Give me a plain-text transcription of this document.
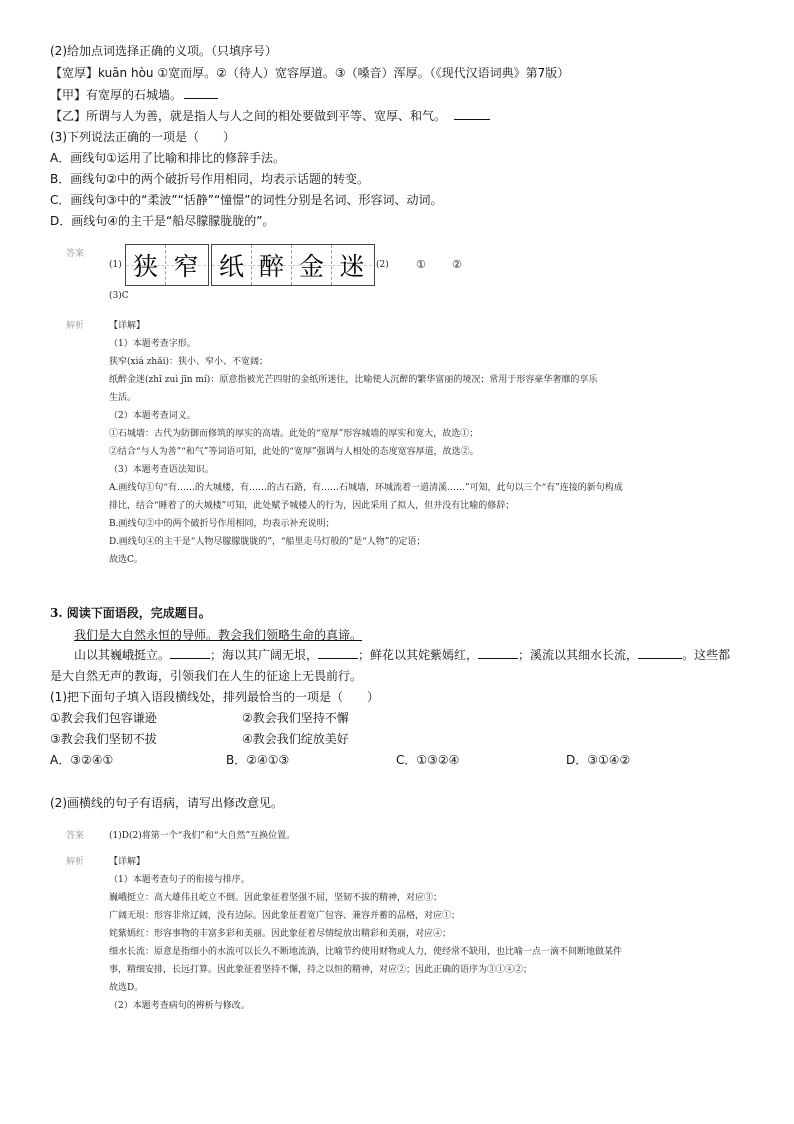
(2)给加点词选择正确的义项。（只填序号）
【宽厚】kuān hòu ①宽而厚。②（待人）宽容厚道。③（嗓音）浑厚。（《现代汉语词典》第7版）
【甲】有宽厚的石城墙。
【乙】所谓与人为善，就是指人与人之间的相处要做到平等、宽厚、和气。
(3)下列说法正确的一项是（　　）
A．画线句①运用了比喻和排比的修辞手法。
B．画线句②中的两个破折号作用相同，均表示话题的转变。
C．画线句③中的“柔波”“恬静”“憧憬”的词性分别是名词、形容词、动词。
D．画线句④的主干是“船尽朦朦胧胧的”。
答案
(1) 狭 窄 纸 醉 金 迷 (2) ① ②
(3)C
解析	【详解】
（1）本题考查字形。
狭窄(xiá zhǎi)：狭小、窄小、不宽阔；
纸醉金迷(zhǐ zuì jīn mí)：原意指被光芒四射的金纸所迷住，比喻使人沉醉的繁华富丽的境况；常用于形容豪华奢靡的享乐
生活。
（2）本题考查词义。
①石城墙：古代为防御而修筑的厚实的高墙。此处的“宽厚”形容城墙的厚实和宽大，故选①；
②结合“与人为善”“和气”等词语可知，此处的“宽厚”强调与人相处的态度宽容厚道，故选②。
（3）本题考查语法知识。
A.画线句①句“有……的大城楼，有……的古石路，有……石城墙，环城流着一道清溪……”可知，此句以三个“有”连接的新句构成
排比，结合“睡着了的大城楼”可知，此处赋予城楼人的行为，因此采用了拟人，但并没有比喻的修辞；
B.画线句②中的两个破折号作用相同，均表示补充说明；
D.画线句④的主干是“人物尽朦朦胧胧的”，“船里走马灯般的”是“人物”的定语；
故选C。
3. 阅读下面语段，完成题目。
我们是大自然永恒的导师。教会我们领略生命的真谛。
山以其巍峨挺立。	；海以其广阔无垠，	；鲜花以其姹紫嫣红，	；溪流以其细水长流，	。这些都
是大自然无声的教诲，引领我们在人生的征途上无畏前行。
(1)把下面句子填入语段横线处，排列最恰当的一项是（　　）
①教会我们包容谦逊	②教会我们坚持不懈
③教会我们坚韧不拔	④教会我们绽放美好
A．③②④①	B．②④①③	C．①③②④	D．③①④②
(2)画横线的句子有语病，请写出修改意见。
答案	(1)D(2)将第一个“我们”和“大自然”互换位置。
解析	【详解】
（1）本题考查句子的衔接与排序。
巍峨挺立：高大雄伟且屹立不倒。因此象征着坚强不屈，坚韧不拔的精神，对应③；
广阔无垠：形容非常辽阔，没有边际。因此象征着宽广包容、兼容并蓄的品格，对应①；
姹紫嫣红：形容事物的丰富多彩和美丽。因此象征着尽情绽放出精彩和美丽，对应④；
细水长流：原意是指细小的水流可以长久不断地流淌，比喻节约使用财物或人力，使经常不缺用，也比喻一点一滴不间断地做某件
事，精细安排，长远打算。因此象征着坚持不懈，持之以恒的精神，对应②；因此正确的语序为③①④②；
故选D。
（2）本题考查病句的辨析与修改。
